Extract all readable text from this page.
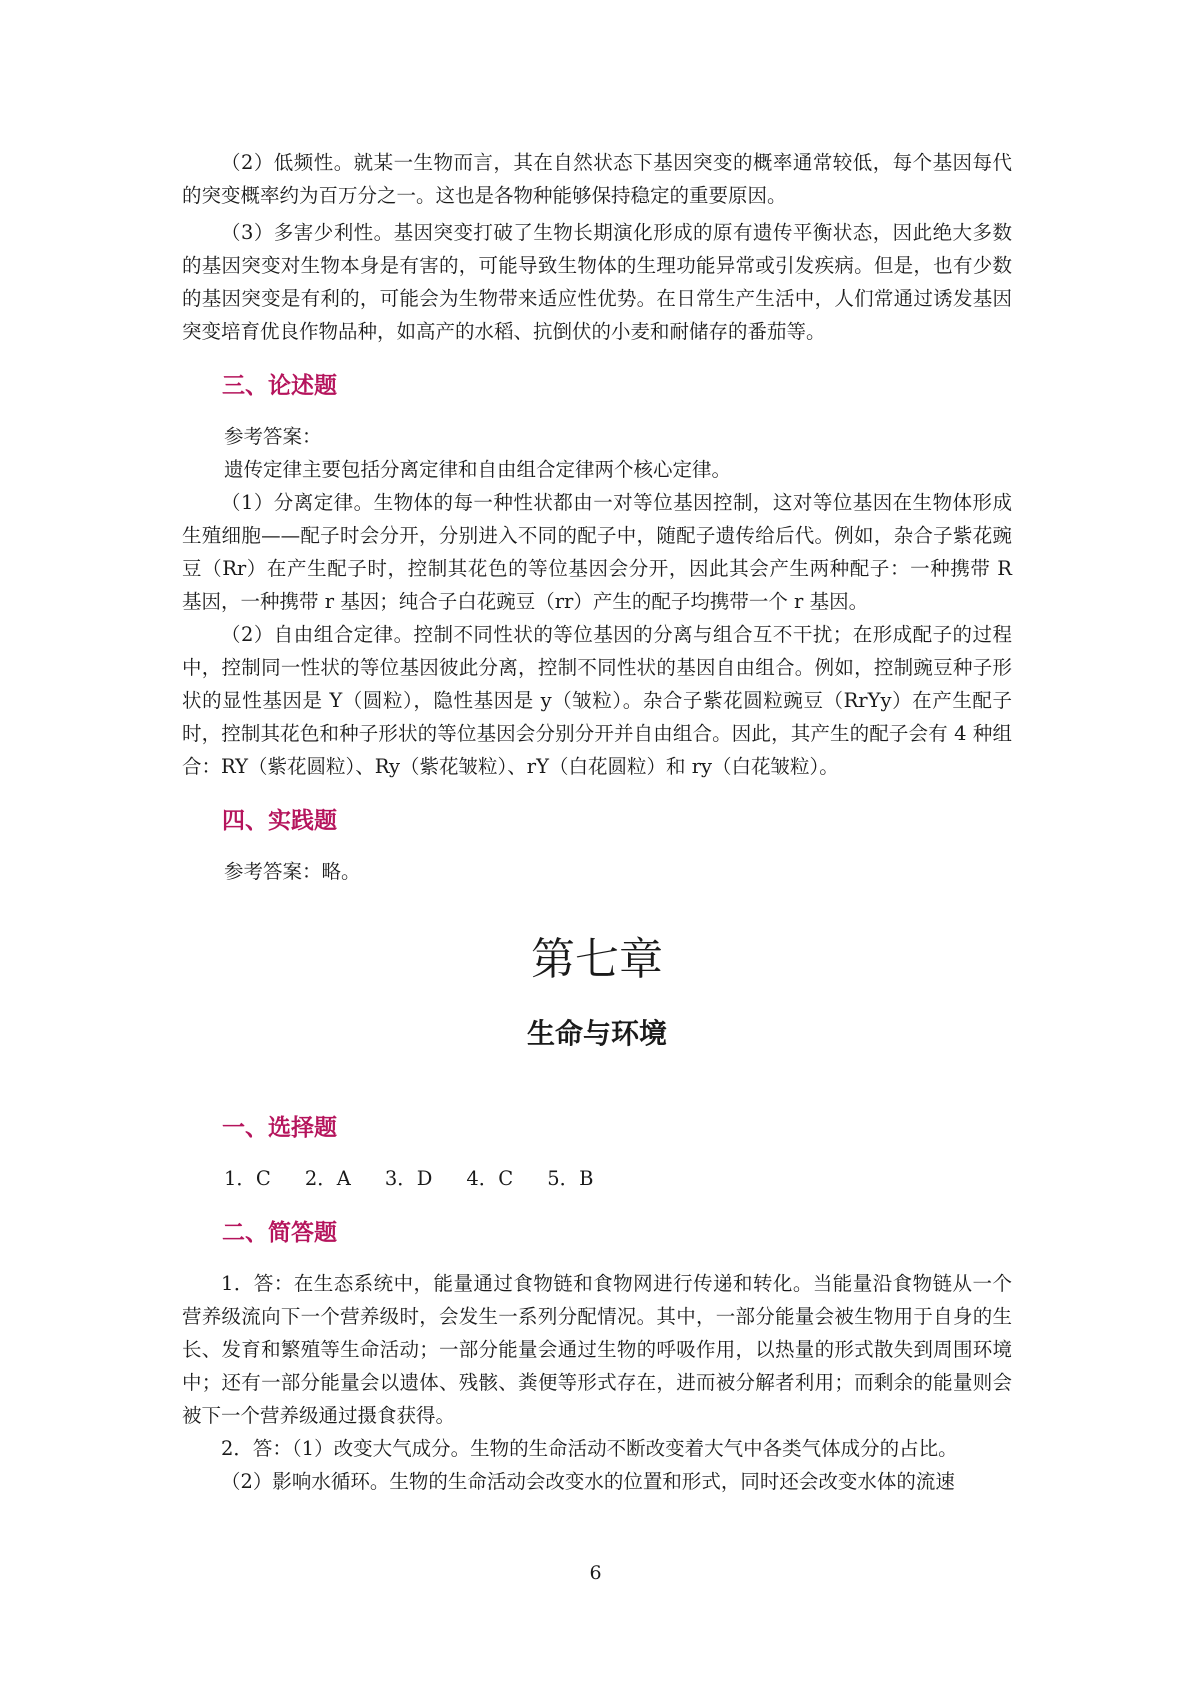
（2）低频性。就某一生物而言，其在自然状态下基因突变的概率通常较低，每个基因每代的突变概率约为百万分之一。这也是各物种能够保持稳定的重要原因。

（3）多害少利性。基因突变打破了生物长期演化形成的原有遗传平衡状态，因此绝大多数的基因突变对生物本身是有害的，可能导致生物体的生理功能异常或引发疾病。但是，也有少数的基因突变是有利的，可能会为生物带来适应性优势。在日常生产生活中，人们常通过诱发基因突变培育优良作物品种，如高产的水稻、抗倒伏的小麦和耐储存的番茄等。

三、论述题

参考答案：

遗传定律主要包括分离定律和自由组合定律两个核心定律。

（1）分离定律。生物体的每一种性状都由一对等位基因控制，这对等位基因在生物体形成生殖细胞——配子时会分开，分别进入不同的配子中，随配子遗传给后代。例如，杂合子紫花豌豆（Rr）在产生配子时，控制其花色的等位基因会分开，因此其会产生两种配子：一种携带 R 基因，一种携带 r 基因；纯合子白花豌豆（rr）产生的配子均携带一个 r 基因。

（2）自由组合定律。控制不同性状的等位基因的分离与组合互不干扰；在形成配子的过程中，控制同一性状的等位基因彼此分离，控制不同性状的基因自由组合。例如，控制豌豆种子形状的显性基因是 Y（圆粒），隐性基因是 y（皱粒）。杂合子紫花圆粒豌豆（RrYy）在产生配子时，控制其花色和种子形状的等位基因会分别分开并自由组合。因此，其产生的配子会有 4 种组合：RY（紫花圆粒）、Ry（紫花皱粒）、rY（白花圆粒）和 ry（白花皱粒）。

四、实践题

参考答案：略。

第七章
生命与环境
一、选择题
1．C 2．A 3．D 4．C 5．B
二、简答题

1．答：在生态系统中，能量通过食物链和食物网进行传递和转化。当能量沿食物链从一个营养级流向下一个营养级时，会发生一系列分配情况。其中，一部分能量会被生物用于自身的生长、发育和繁殖等生命活动；一部分能量会通过生物的呼吸作用，以热量的形式散失到周围环境中；还有一部分能量会以遗体、残骸、粪便等形式存在，进而被分解者利用；而剩余的能量则会被下一个营养级通过摄食获得。

2．答：（1）改变大气成分。生物的生命活动不断改变着大气中各类气体成分的占比。

（2）影响水循环。生物的生命活动会改变水的位置和形式，同时还会改变水体的流速

6
